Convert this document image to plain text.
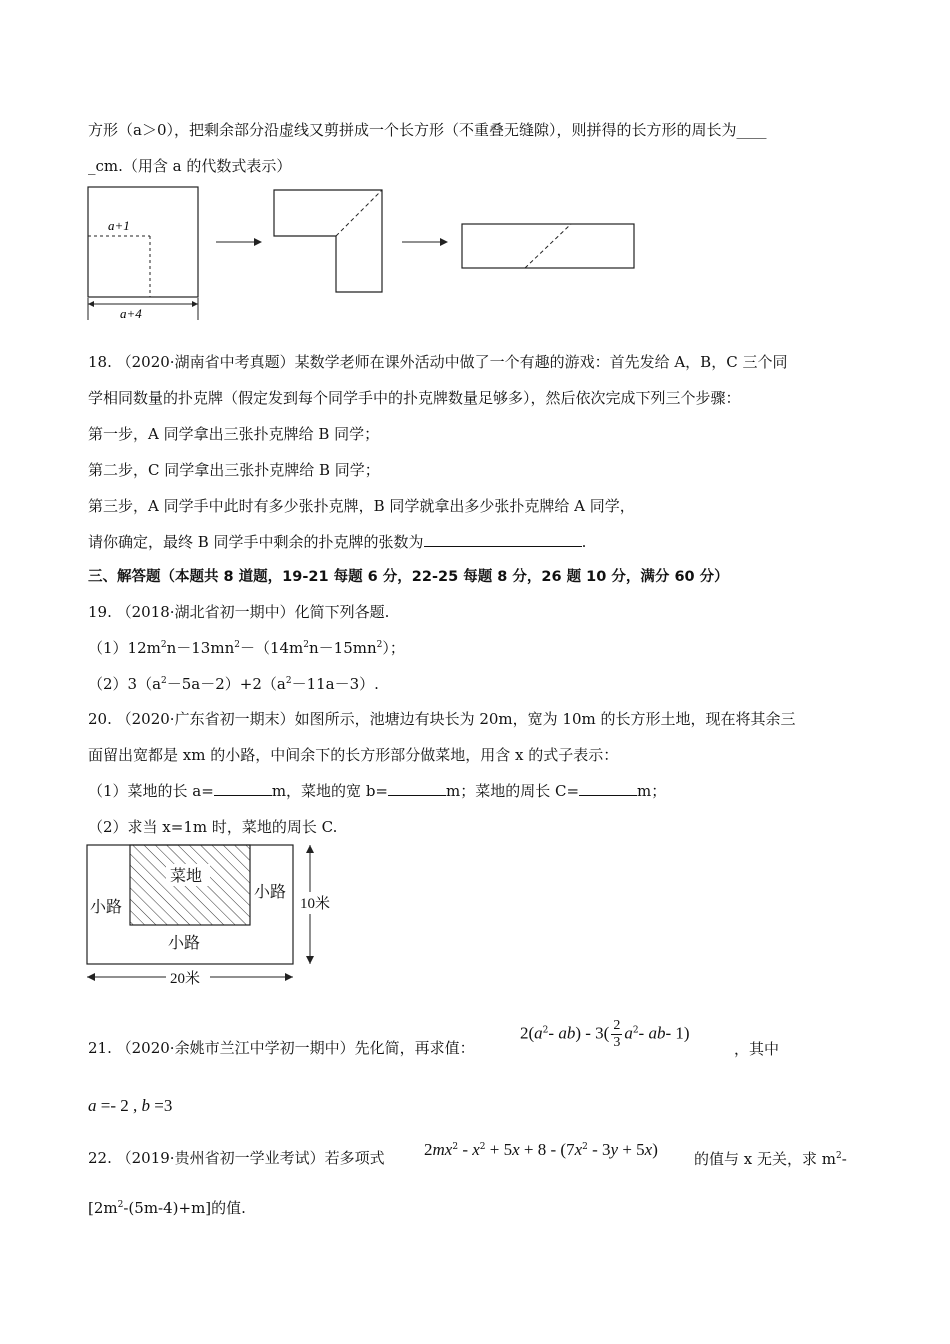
方形（a＞0），把剩余部分沿虚线又剪拼成一个长方形（不重叠无缝隙），则拼得的长方形的周长为____
_cm.（用含 a 的代数式表示）
a+1
a+4
18. （2020·湖南省中考真题）某数学老师在课外活动中做了一个有趣的游戏：首先发给 A，B，C 三个同
学相同数量的扑克牌（假定发到每个同学手中的扑克牌数量足够多），然后依次完成下列三个步骤：
第一步，A 同学拿出三张扑克牌给 B 同学；
第二步，C 同学拿出三张扑克牌给 B 同学；
第三步，A 同学手中此时有多少张扑克牌，B 同学就拿出多少张扑克牌给 A 同学，
请你确定，最终 B 同学手中剩余的扑克牌的张数为	.
三、解答题（本题共 8 道题，19-21 每题 6 分，22-25 每题 8 分，26 题 10 分，满分 60 分）
19. （2018·湖北省初一期中）化简下列各题.
$(1)12m^2n-13mn^2-(14m^2n-15mn^2)$；
$(2)3(a^2-5a-2)+2(a^2-11a-3)$.
20. （2020·广东省初一期末）如图所示，池塘边有块长为 20m，宽为 10m 的长方形土地，现在将其余三
面留出宽都是 xm 的小路，中间余下的长方形部分做菜地，用含 x 的式子表示：
（1）菜地的长 a=	m，菜地的宽 b=	m；菜地的周长 C=	m；
（2）求当 x=1m 时，菜地的周长 C.
菜地
小路
小路
小路
10米
20米
21. （2020·余姚市兰江中学初一期中）先化简，再求值：
$2(a^2-$ $ab) - 3( \frac{2}{3} a^2-$ ab- 1)
，其中
a =- 2 , b =3
22. （2019·贵州省初一学业考试）若多项式 $2mx^2 - x^2 + 5x + 8 - (7x^2 - 3y + 5x)$ 的值与 x 无关，求 $m^2-$
$[2m^2-(5m-4)+m]$的值.
